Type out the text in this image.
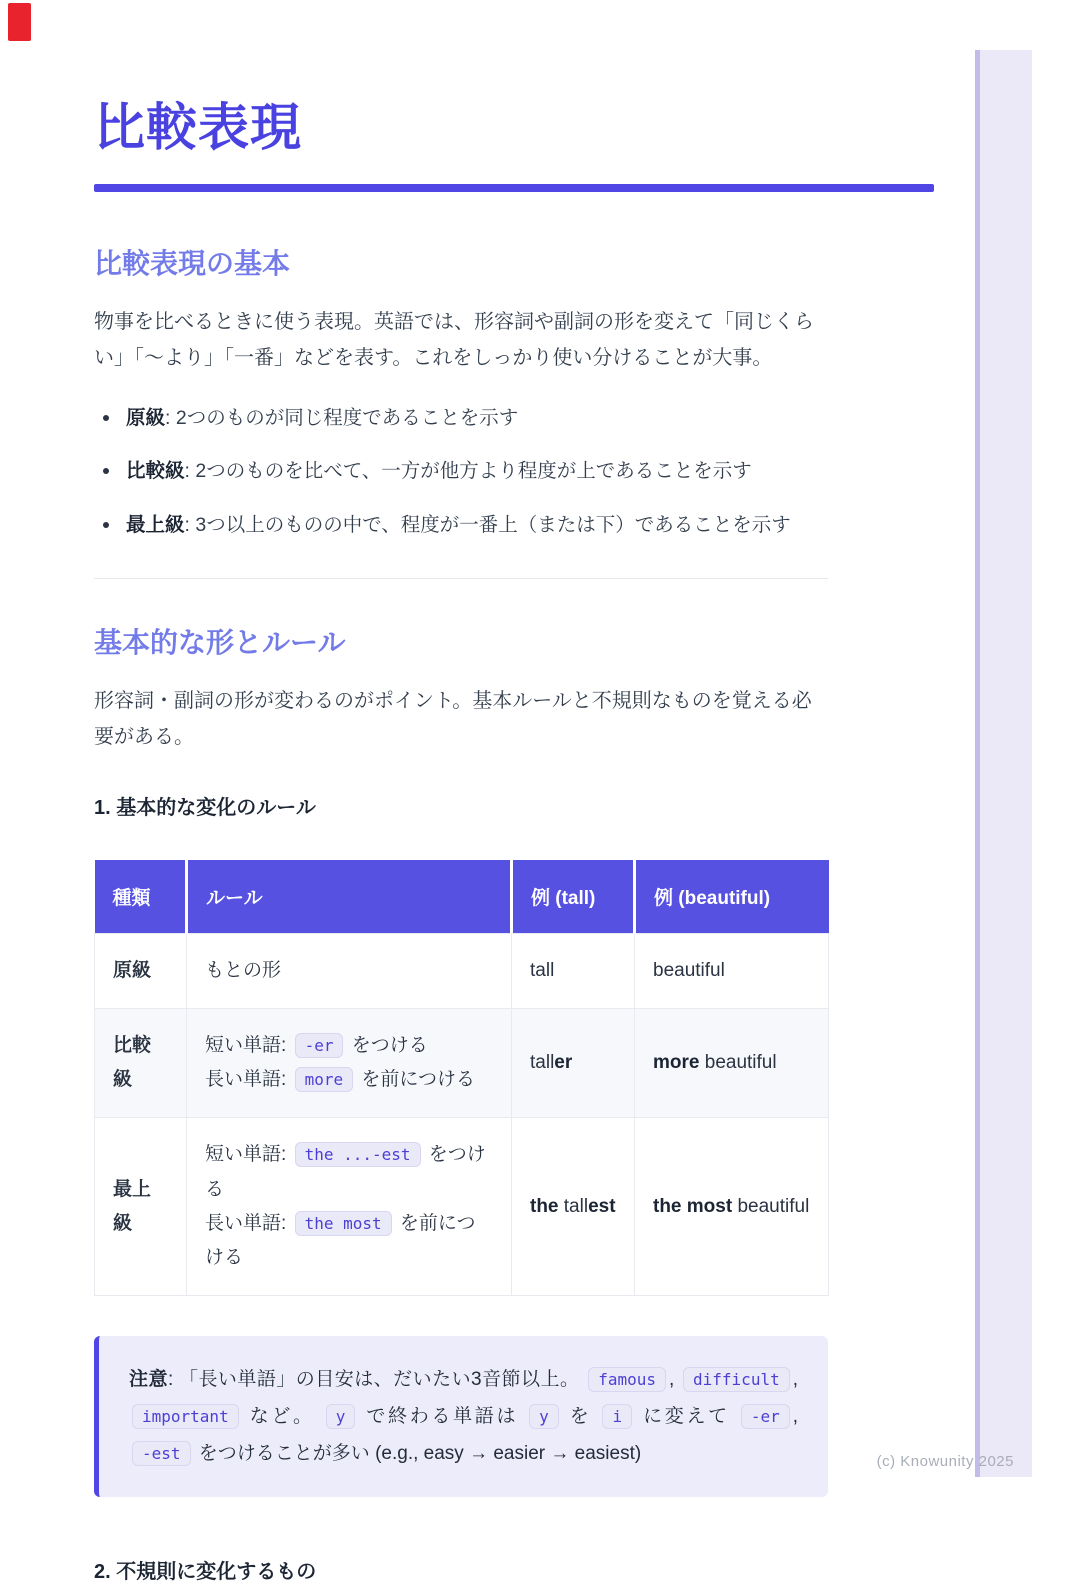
(c) Knowunity 2025
比較表現
比較表現の基本

物事を比べるときに使う表現。英語では、形容詞や副詞の形を変えて「同じくらい」「〜より」「一番」などを表す。これをしっかり使い分けることが大事。

原級: 2つのものが同じ程度であることを示す
比較級: 2つのものを比べて、一方が他方より程度が上であることを示す
最上級: 3つ以上のものの中で、程度が一番上（または下）であることを示す
基本的な形とルール

形容詞・副詞の形が変わるのがポイント。基本ルールと不規則なものを覚える必要がある。

1. 基本的な変化のルール
種類	ルール	例 (tall)	例 (beautiful)
原級	もとの形	tall	beautiful
比較級	短い単語: -er をつける
長い単語: more を前につける	taller	more beautiful
最上級	短い単語: the ...-est をつける
長い単語: the most を前につける	the tallest	the most beautiful
注意: 「長い単語」の目安は、だいたい3音節以上。 famous , difficult , important など。 y で終わる単語は y を i に変えて -er , -est をつけることが多い (e.g., easy → easier → easiest)
2. 不規則に変化するもの
